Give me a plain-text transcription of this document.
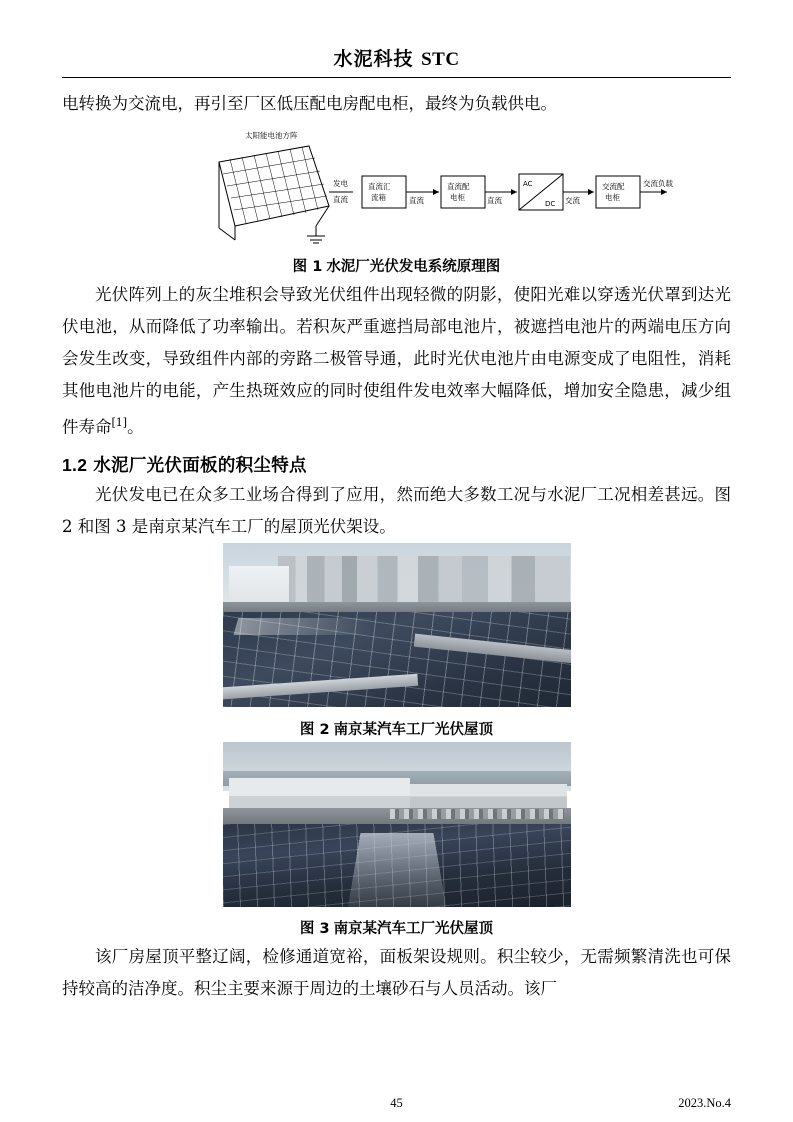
水泥科技 STC

电转换为交流电，再引至厂区低压配电房配电柜，最终为负载供电。

太阳能电池方阵
发电
直流
直流汇
流箱	直流
直流配
电柜	直流
AC
DC 交流
交流配
电柜
交流负载
图 1 水泥厂光伏发电系统原理图

光伏阵列上的灰尘堆积会导致光伏组件出现轻微的阴影，使阳光难以穿透光伏罩到达光伏电池，从而降低了功率输出。若积灰严重遮挡局部电池片，被遮挡电池片的两端电压方向会发生改变，导致组件内部的旁路二极管导通，此时光伏电池片由电源变成了电阻性，消耗其他电池片的电能，产生热斑效应的同时使组件发电效率大幅降低，增加安全隐患，减少组件寿命[1]。

1.2 水泥厂光伏面板的积尘特点

光伏发电已在众多工业场合得到了应用，然而绝大多数工况与水泥厂工况相差甚远。图 2 和图 3 是南京某汽车工厂的屋顶光伏架设。

图 2 南京某汽车工厂光伏屋顶
图 3 南京某汽车工厂光伏屋顶

该厂房屋顶平整辽阔，检修通道宽裕，面板架设规则。积尘较少，无需频繁清洗也可保持较高的洁净度。积尘主要来源于周边的土壤砂石与人员活动。该厂

45	2023.No.4
